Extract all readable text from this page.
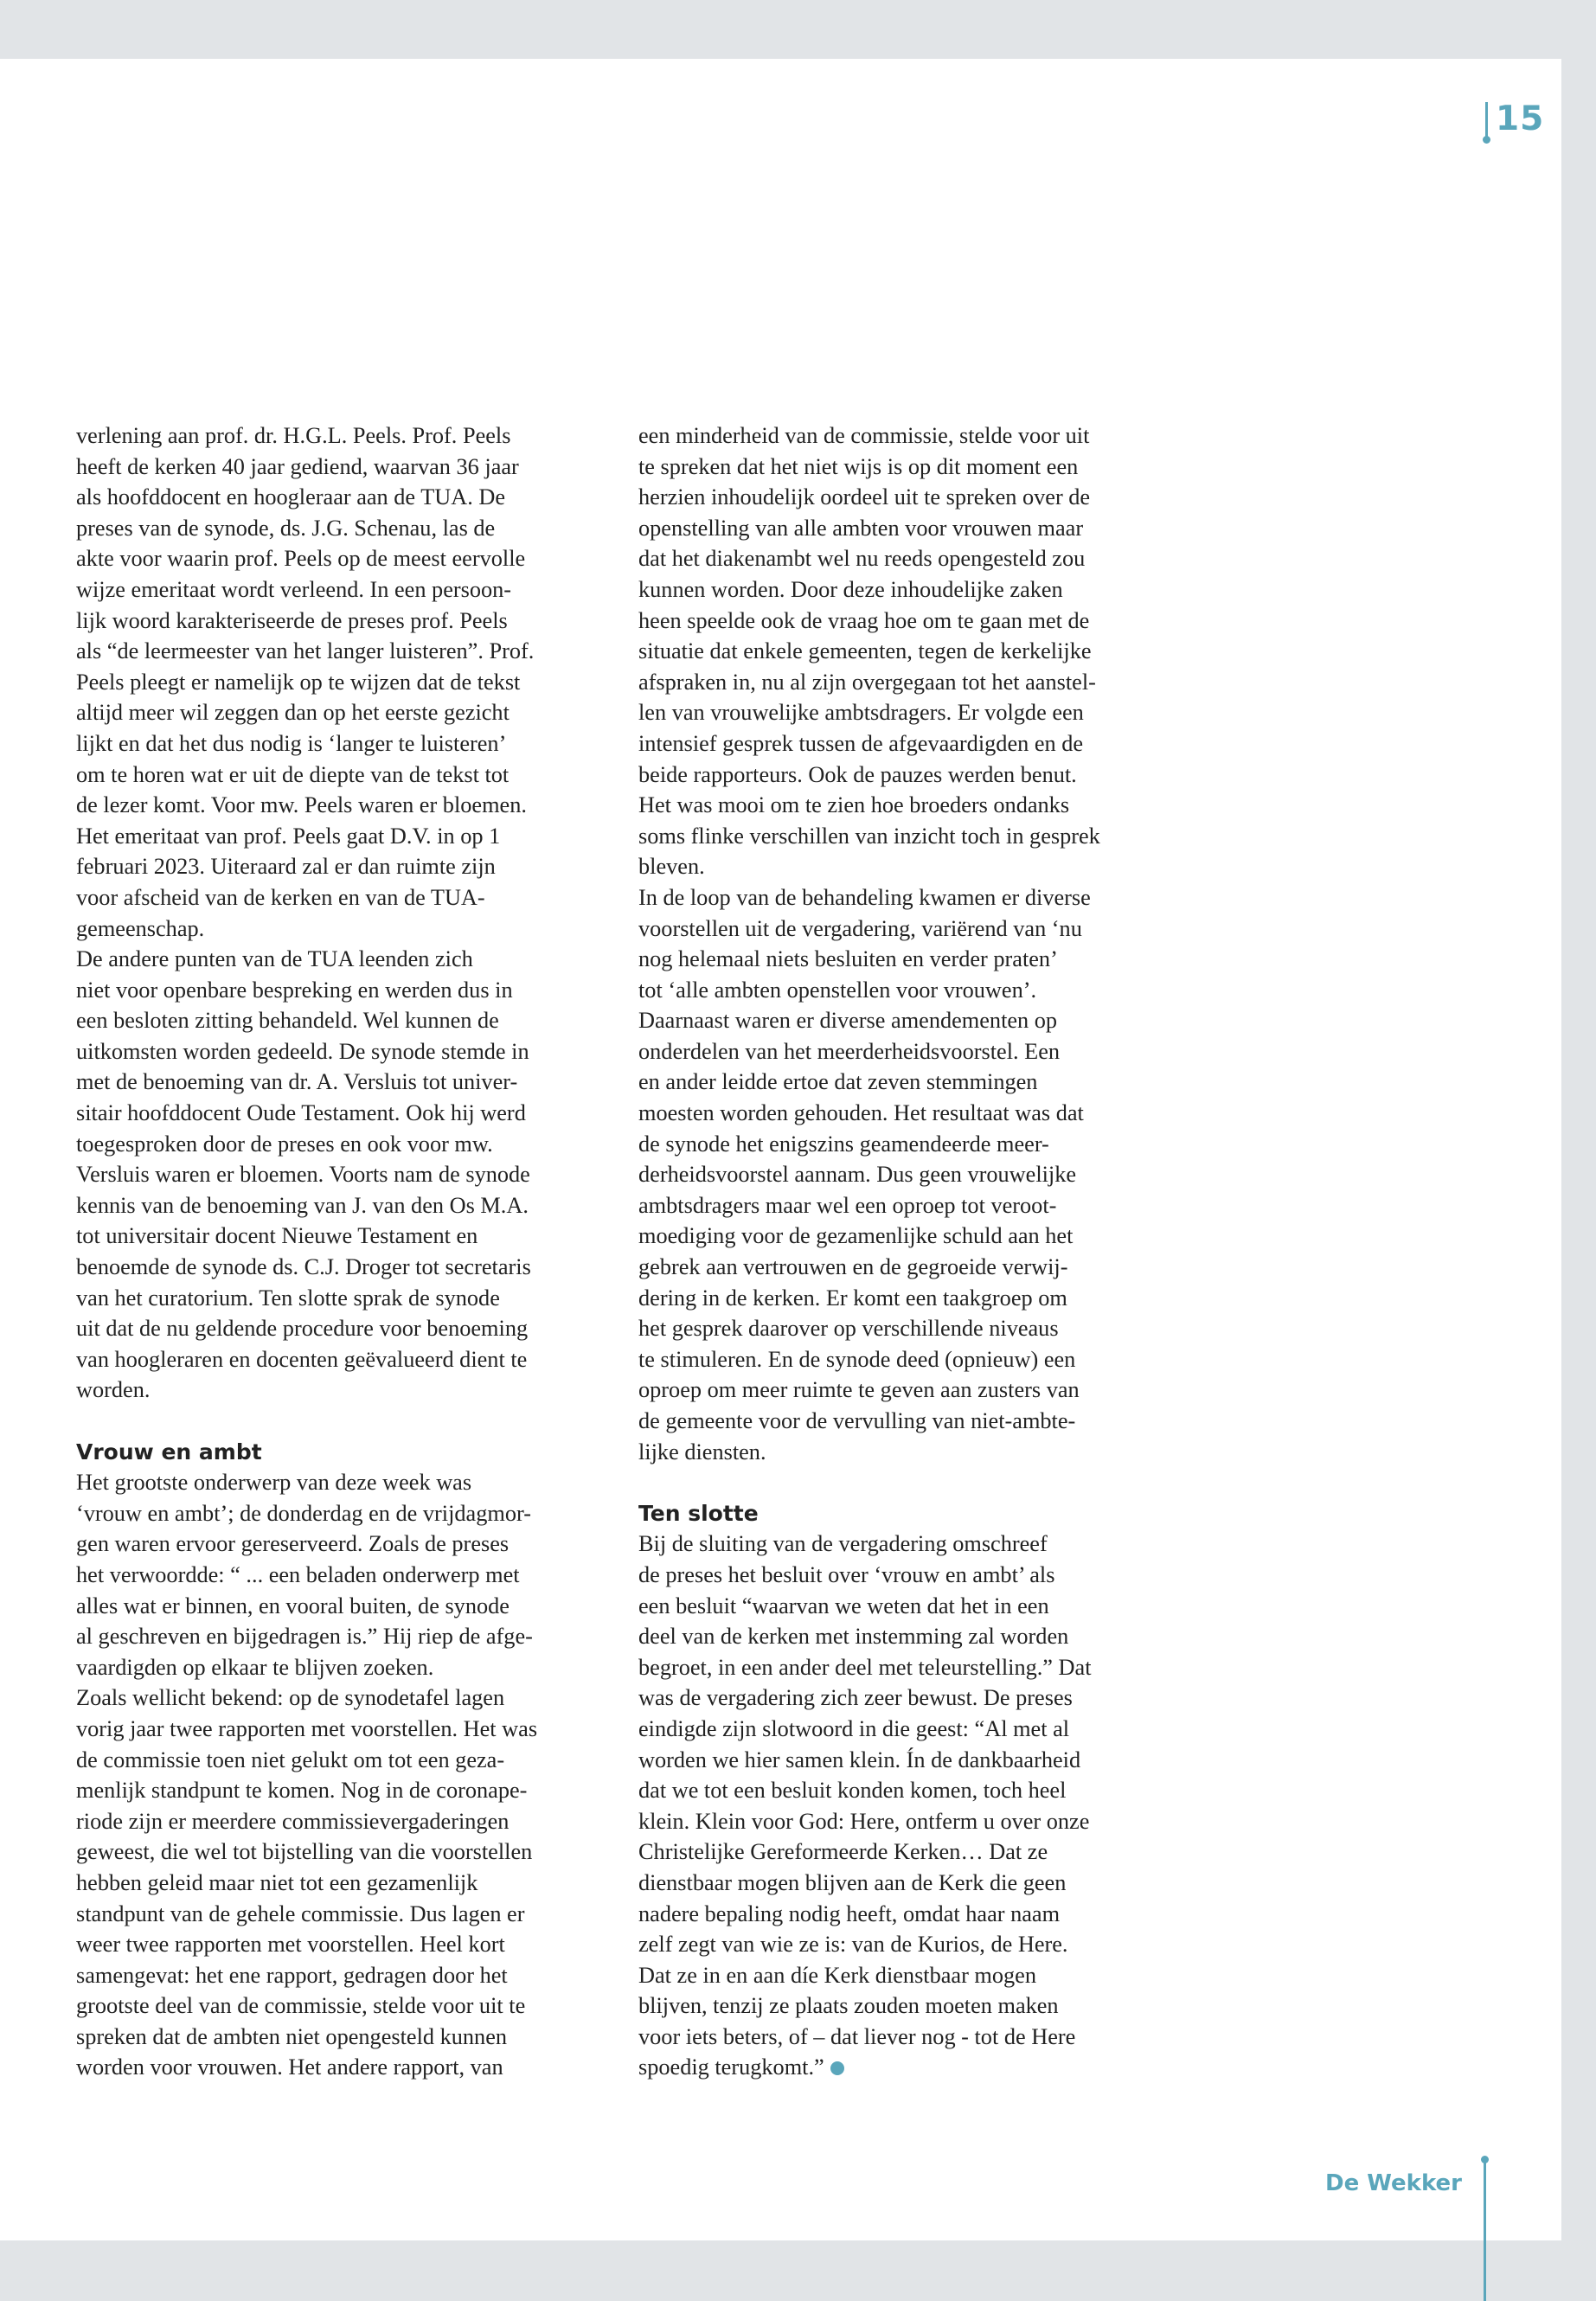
15

verlening aan prof. dr. H.G.L. Peels. Prof. Peels

heeft de kerken 40 jaar gediend, waarvan 36 jaar

als hoofddocent en hoogleraar aan de TUA. De

preses van de synode, ds. J.G. Schenau, las de

akte voor waarin prof. Peels op de meest eervolle

wijze emeritaat wordt verleend. In een persoon-

lijk woord karakteriseerde de preses prof. Peels

als “de leermeester van het langer luisteren”. Prof.

Peels pleegt er namelijk op te wijzen dat de tekst

altijd meer wil zeggen dan op het eerste gezicht

lijkt en dat het dus nodig is ‘langer te luisteren’

om te horen wat er uit de diepte van de tekst tot

de lezer komt. Voor mw. Peels waren er bloemen.

Het emeritaat van prof. Peels gaat D.V. in op 1

februari 2023. Uiteraard zal er dan ruimte zijn

voor afscheid van de kerken en van de TUA-

gemeenschap.

De andere punten van de TUA leenden zich

niet voor openbare bespreking en werden dus in

een besloten zitting behandeld. Wel kunnen de

uitkomsten worden gedeeld. De synode stemde in

met de benoeming van dr. A. Versluis tot univer-

sitair hoofddocent Oude Testament. Ook hij werd

toegesproken door de preses en ook voor mw.

Versluis waren er bloemen. Voorts nam de synode

kennis van de benoeming van J. van den Os M.A.

tot universitair docent Nieuwe Testament en

benoemde de synode ds. C.J. Droger tot secretaris

van het curatorium. Ten slotte sprak de synode

uit dat de nu geldende procedure voor benoeming

van hoogleraren en docenten geëvalueerd dient te

worden.

Vrouw en ambt

Het grootste onderwerp van deze week was

‘vrouw en ambt’; de donderdag en de vrijdagmor-

gen waren ervoor gereserveerd. Zoals de preses

het verwoordde: “ ... een beladen onderwerp met

alles wat er binnen, en vooral buiten, de synode

al geschreven en bijgedragen is.” Hij riep de afge-

vaardigden op elkaar te blijven zoeken.

Zoals wellicht bekend: op de synodetafel lagen

vorig jaar twee rapporten met voorstellen. Het was

de commissie toen niet gelukt om tot een geza-

menlijk standpunt te komen. Nog in de coronape-

riode zijn er meerdere commissievergaderingen

geweest, die wel tot bijstelling van die voorstellen

hebben geleid maar niet tot een gezamenlijk

standpunt van de gehele commissie. Dus lagen er

weer twee rapporten met voorstellen. Heel kort

samengevat: het ene rapport, gedragen door het

grootste deel van de commissie, stelde voor uit te

spreken dat de ambten niet opengesteld kunnen

worden voor vrouwen. Het andere rapport, van

een minderheid van de commissie, stelde voor uit

te spreken dat het niet wijs is op dit moment een

herzien inhoudelijk oordeel uit te spreken over de

openstelling van alle ambten voor vrouwen maar

dat het diakenambt wel nu reeds opengesteld zou

kunnen worden. Door deze inhoudelijke zaken

heen speelde ook de vraag hoe om te gaan met de

situatie dat enkele gemeenten, tegen de kerkelijke

afspraken in, nu al zijn overgegaan tot het aanstel-

len van vrouwelijke ambtsdragers. Er volgde een

intensief gesprek tussen de afgevaardigden en de

beide rapporteurs. Ook de pauzes werden benut.

Het was mooi om te zien hoe broeders ondanks

soms flinke verschillen van inzicht toch in gesprek

bleven.

In de loop van de behandeling kwamen er diverse

voorstellen uit de vergadering, variërend van ‘nu

nog helemaal niets besluiten en verder praten’

tot ‘alle ambten openstellen voor vrouwen’.

Daarnaast waren er diverse amendementen op

onderdelen van het meerderheidsvoorstel. Een

en ander leidde ertoe dat zeven stemmingen

moesten worden gehouden. Het resultaat was dat

de synode het enigszins geamendeerde meer-

derheidsvoorstel aannam. Dus geen vrouwelijke

ambtsdragers maar wel een oproep tot veroot-

moediging voor de gezamenlijke schuld aan het

gebrek aan vertrouwen en de gegroeide verwij-

dering in de kerken. Er komt een taakgroep om

het gesprek daarover op verschillende niveaus

te stimuleren. En de synode deed (opnieuw) een

oproep om meer ruimte te geven aan zusters van

de gemeente voor de vervulling van niet-ambte-

lijke diensten.

Ten slotte

Bij de sluiting van de vergadering omschreef

de preses het besluit over ‘vrouw en ambt’ als

een besluit “waarvan we weten dat het in een

deel van de kerken met instemming zal worden

begroet, in een ander deel met teleurstelling.” Dat

was de vergadering zich zeer bewust. De preses

eindigde zijn slotwoord in die geest: “Al met al

worden we hier samen klein. Ín de dankbaarheid

dat we tot een besluit konden komen, toch heel

klein. Klein voor God: Here, ontferm u over onze

Christelijke Gereformeerde Kerken… Dat ze

dienstbaar mogen blijven aan de Kerk die geen

nadere bepaling nodig heeft, omdat haar naam

zelf zegt van wie ze is: van de Kurios, de Here.

Dat ze in en aan díe Kerk dienstbaar mogen

blijven, tenzij ze plaats zouden moeten maken

voor iets beters, of – dat liever nog - tot de Here

spoedig terugkomt.”

De Wekker
